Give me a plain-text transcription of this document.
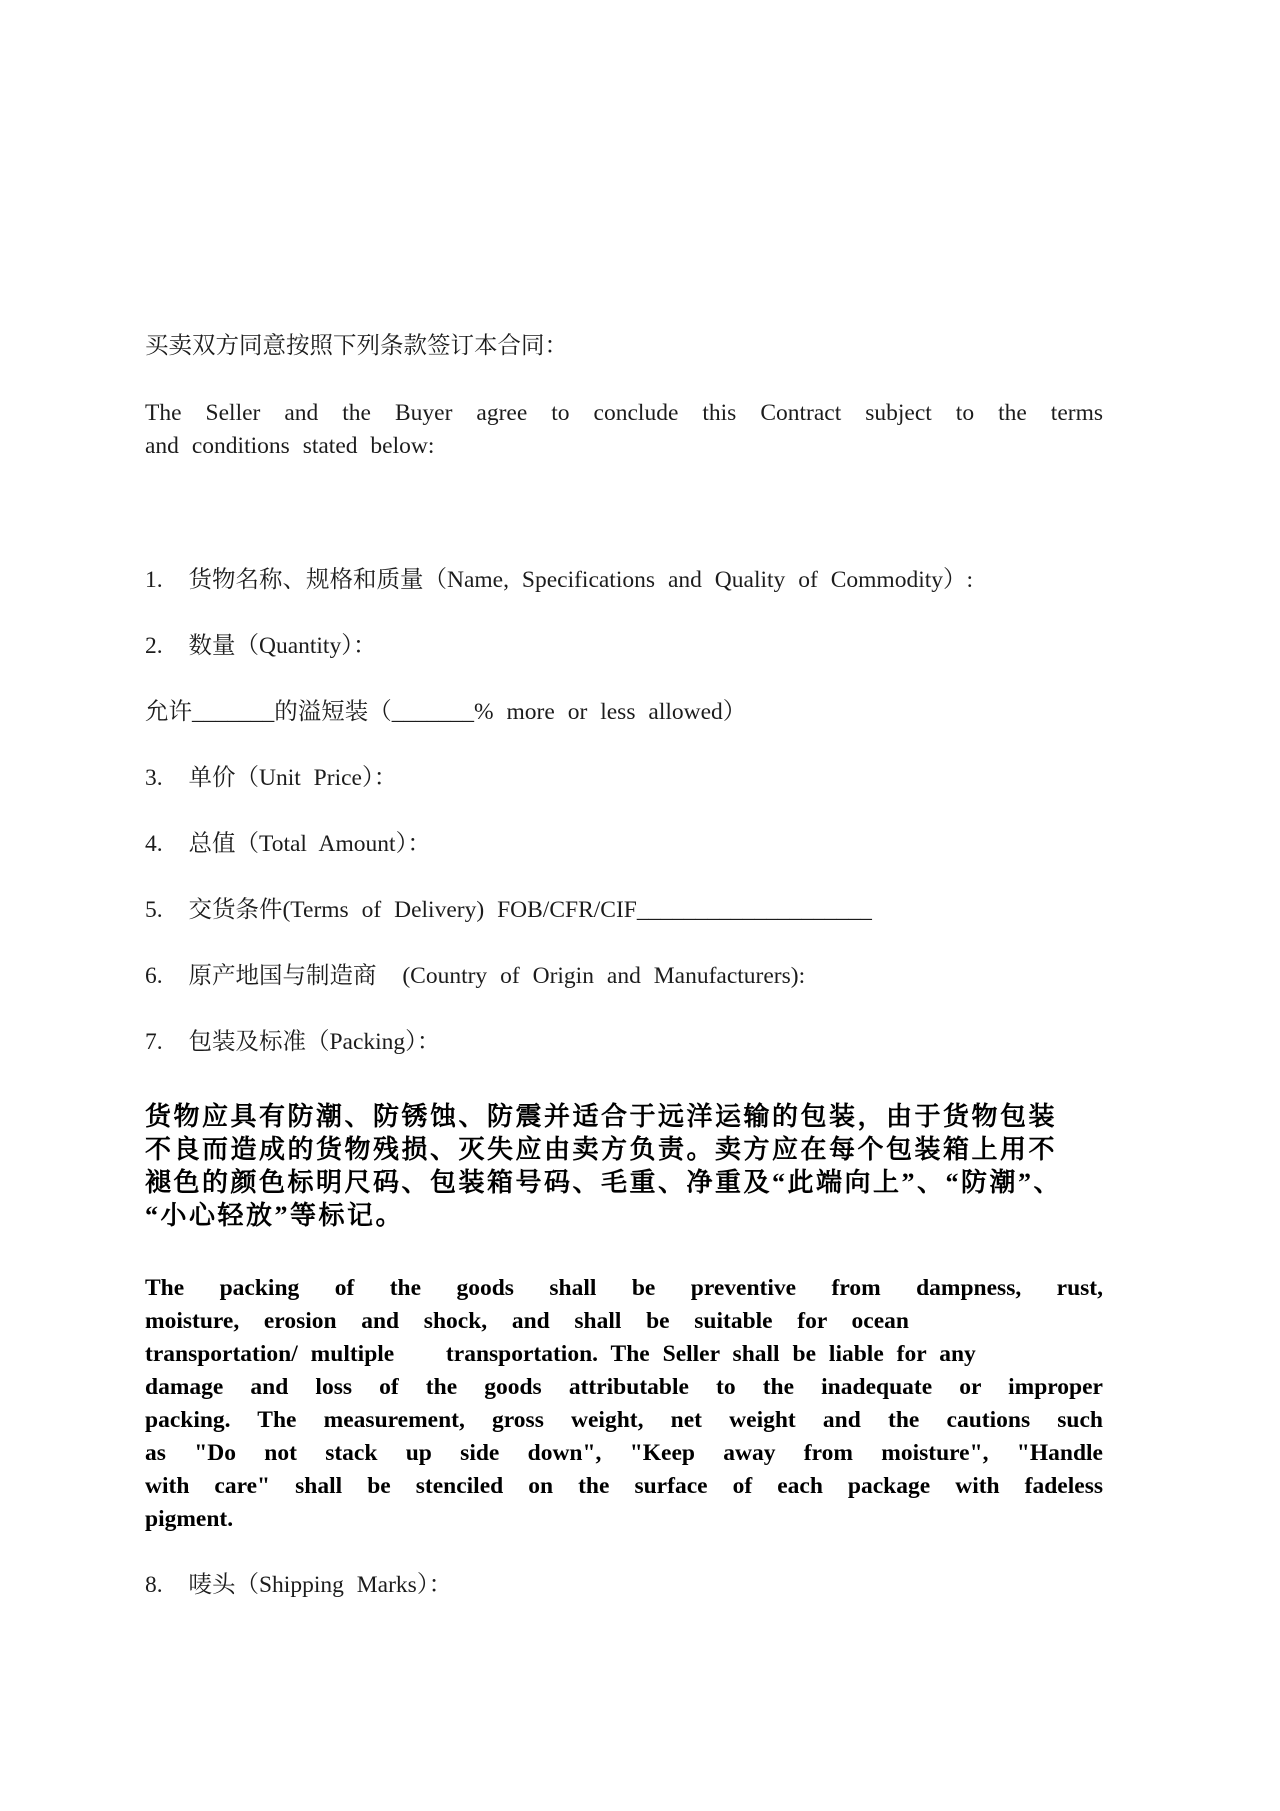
买卖双方同意按照下列条款签订本合同：

The Seller and the Buyer agree to conclude this Contract subject to the terms
and conditions stated below:

1.  货物名称、规格和质量（Name, Specifications and Quality of Commodity）:

2.  数量（Quantity）：

允许_______的溢短装（_______% more or less allowed）

3.  单价（Unit Price）：

4.  总值（Total Amount）：

5.  交货条件(Terms of Delivery) FOB/CFR/CIF____________________

6.  原产地国与制造商  (Country of Origin and Manufacturers):

7.  包装及标准（Packing）：

货物应具有防潮、防锈蚀、防震并适合于远洋运输的包装，由于货物包装
不良而造成的货物残损、灭失应由卖方负责。卖方应在每个包装箱上用不
褪色的颜色标明尺码、包装箱号码、毛重、净重及“此端向上”、“防潮”、
“小心轻放”等标记。

The packing of the goods shall be preventive from dampness, rust,
moisture, erosion and shock, and shall be suitable for ocean
transportation/ multiple    transportation. The Seller shall be liable for any
damage and loss of the goods attributable to the inadequate or improper
packing. The measurement, gross weight, net weight and the cautions such
as "Do not stack up side down", "Keep away from moisture", "Handle
with care" shall be stenciled on the surface of each package with fadeless
pigment.

8.  唛头（Shipping Marks）：
